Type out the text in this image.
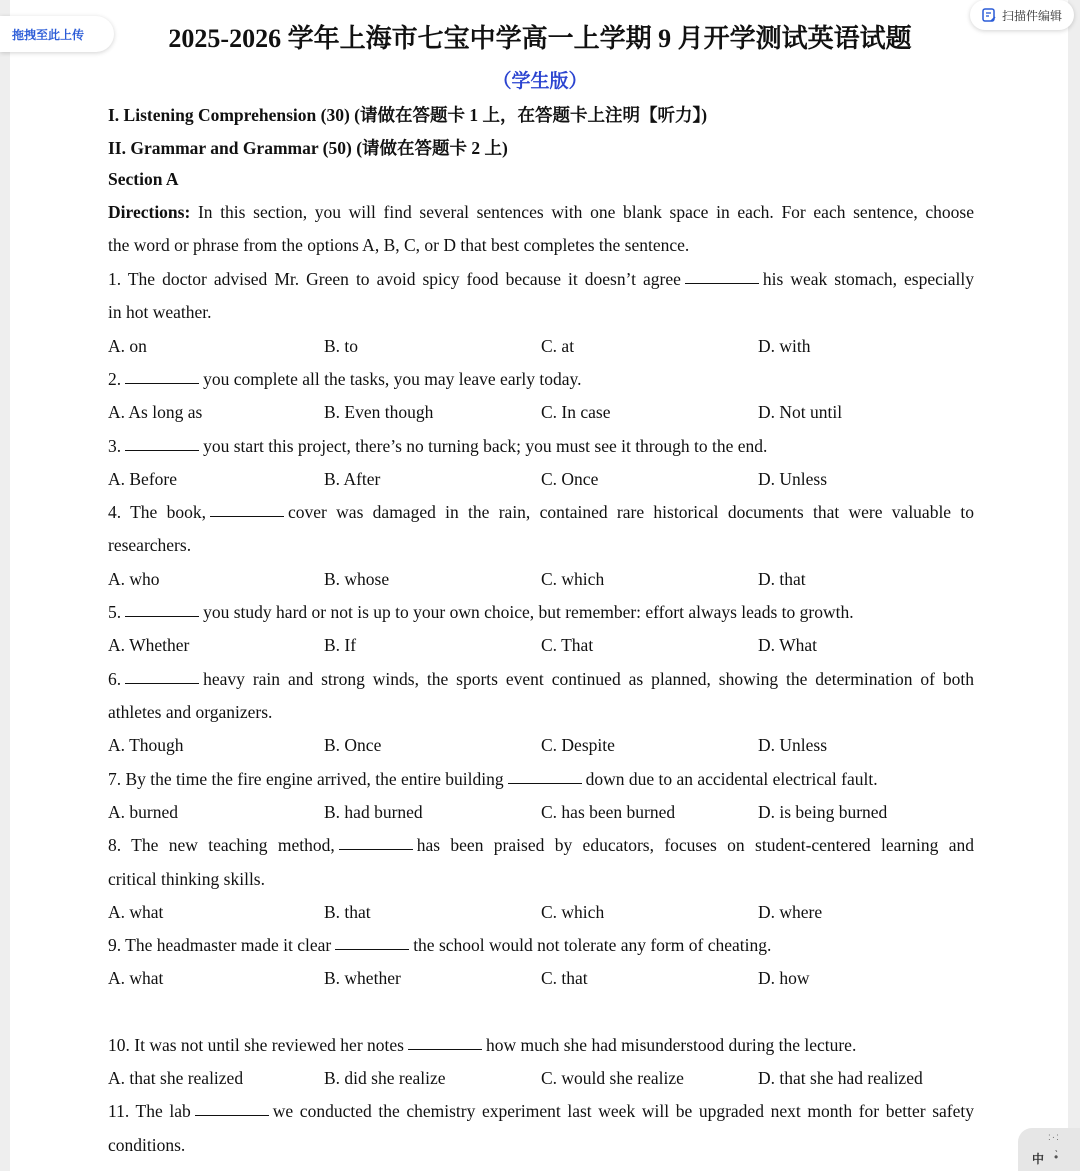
拖拽至此上传
扫描件编辑
:·:
中 •̀
2025-2026 学年上海市七宝中学高一上学期 9 月开学测试英语试题
（学生版）
I. Listening Comprehension (30) (请做在答题卡 1 上，在答题卡上注明【听力】)
II. Grammar and Grammar (50) (请做在答题卡 2 上)
Section A
Directions: In this section, you will find several sentences with one blank space in each. For each sentence, choose
the word or phrase from the options A, B, C, or D that best completes the sentence.
1. The doctor advised Mr. Green to avoid spicy food because it doesn’t agree	his weak stomach, especially
in hot weather.
A. on	B. to	C. at	D. with
2.	you complete all the tasks, you may leave early today.
A. As long as	B. Even though	C. In case	D. Not until
3.	you start this project, there’s no turning back; you must see it through to the end.
A. Before	B. After	C. Once	D. Unless
4. The book,	cover was damaged in the rain, contained rare historical documents that were valuable to
researchers.
A. who	B. whose	C. which	D. that
5.	you study hard or not is up to your own choice, but remember: effort always leads to growth.
A. Whether	B. If	C. That	D. What
6.	heavy rain and strong winds, the sports event continued as planned, showing the determination of both
athletes and organizers.
A. Though	B. Once	C. Despite	D. Unless
7. By the time the fire engine arrived, the entire building	down due to an accidental electrical fault.
A. burned	B. had burned	C. has been burned	D. is being burned
8. The new teaching method,	has been praised by educators, focuses on student-centered learning and
critical thinking skills.
A. what	B. that	C. which	D. where
9. The headmaster made it clear	the school would not tolerate any form of cheating.
A. what	B. whether	C. that	D. how
10. It was not until she reviewed her notes	how much she had misunderstood during the lecture.
A. that she realized	B. did she realize	C. would she realize	D. that she had realized
11. The lab	we conducted the chemistry experiment last week will be upgraded next month for better safety
conditions.
